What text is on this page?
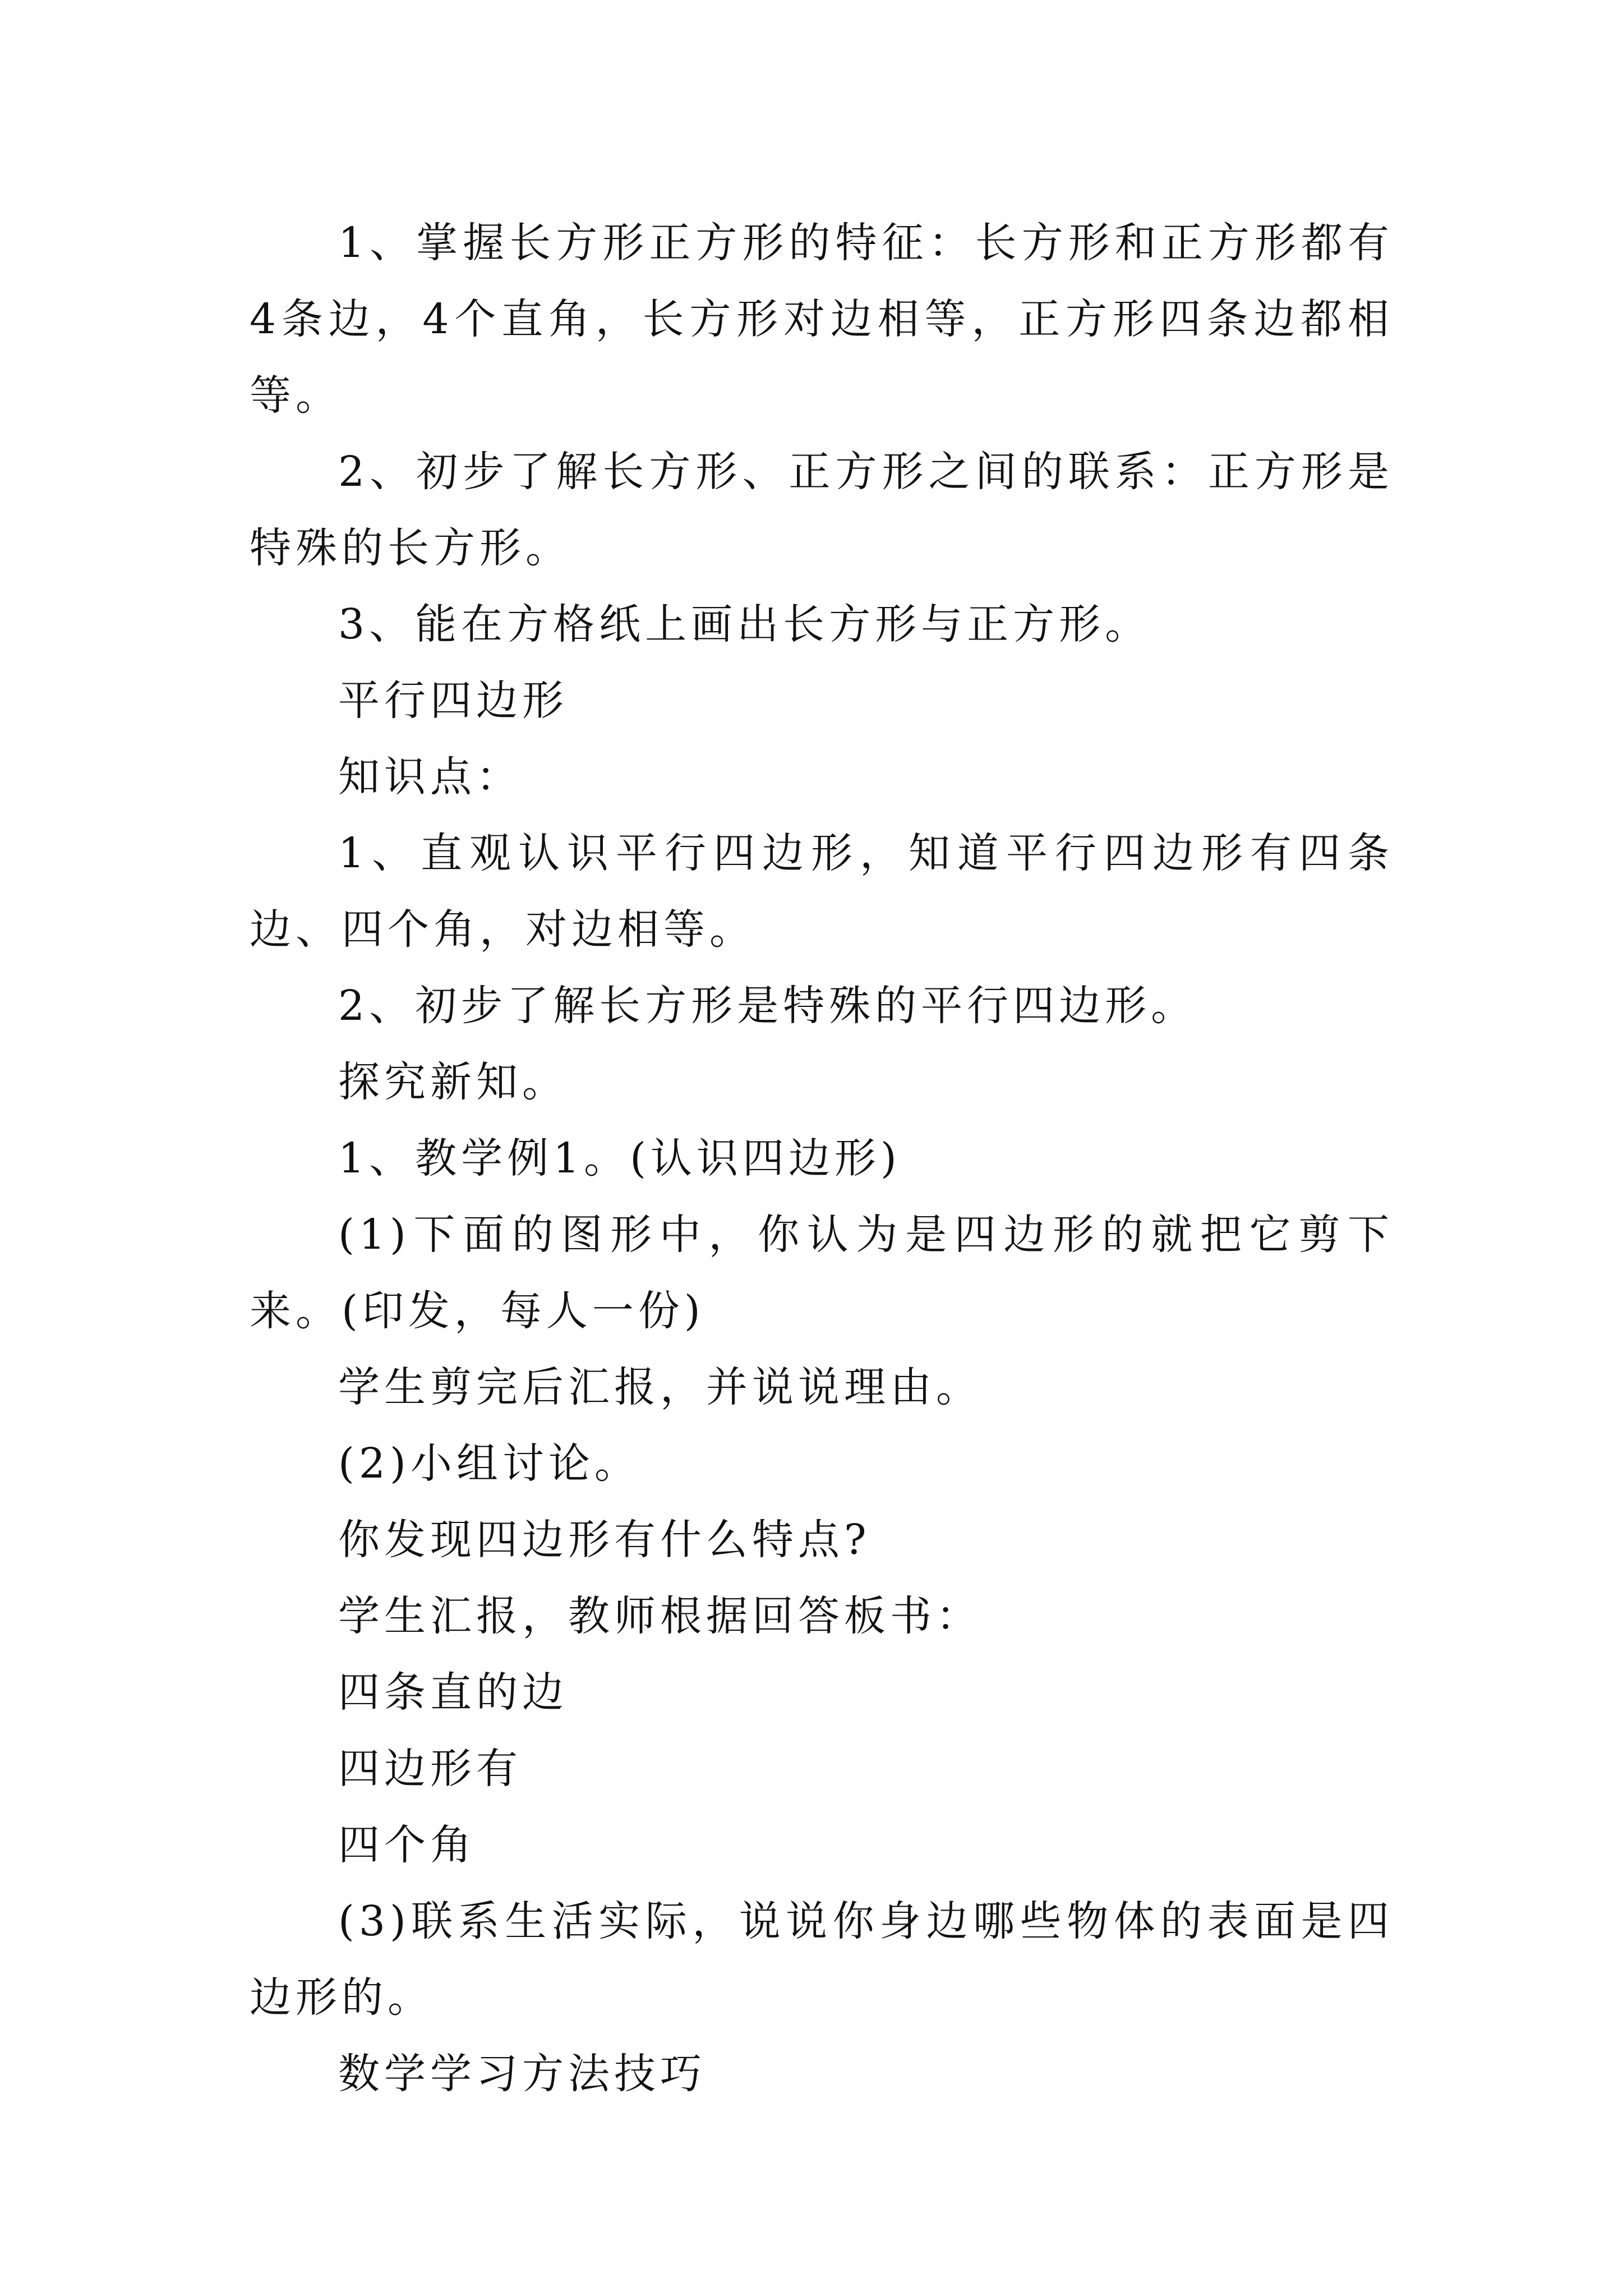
1、掌握长方形正方形的特征：长方形和正方形都有4条边，4个直角，长方形对边相等，正方形四条边都相等。

2、初步了解长方形、正方形之间的联系：正方形是特殊的长方形。

3、能在方格纸上画出长方形与正方形。

平行四边形

知识点：

1、直观认识平行四边形，知道平行四边形有四条边、四个角，对边相等。

2、初步了解长方形是特殊的平行四边形。

探究新知。

1、教学例1。(认识四边形)

(1)下面的图形中，你认为是四边形的就把它剪下来。(印发，每人一份)

学生剪完后汇报，并说说理由。

(2)小组讨论。

你发现四边形有什么特点?

学生汇报，教师根据回答板书：

四条直的边

四边形有

四个角

(3)联系生活实际，说说你身边哪些物体的表面是四边形的。

数学学习方法技巧
